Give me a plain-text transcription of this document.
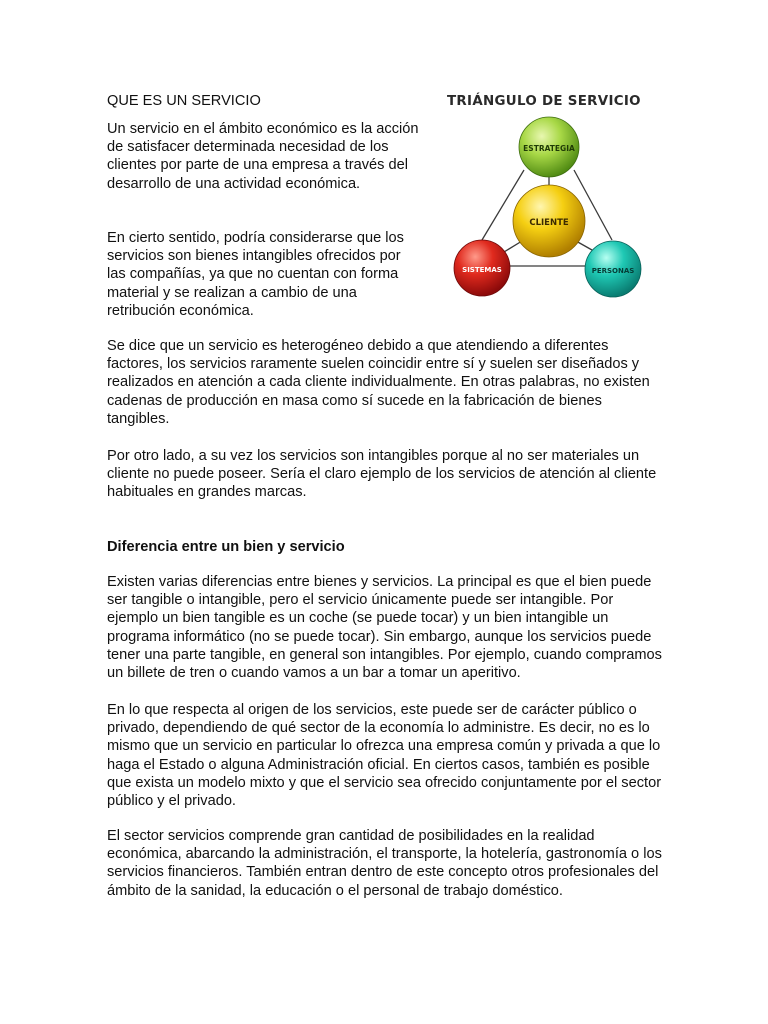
QUE ES UN SERVICIO

Un servicio en el ámbito económico es la acción de satisfacer determinada necesidad de los clientes por parte de una empresa a través del desarrollo de una actividad económica.

En cierto sentido, podría considerarse que los servicios son bienes intangibles ofrecidos por las compañías, ya que no cuentan con forma material y se realizan a cambio de una retribución económica.

ESTRATEGIA
CLIENTE
SISTEMAS	PERSONAS

TRIÁNGULO DE SERVICIO

Se dice que un servicio es heterogéneo debido a que atendiendo a diferentes factores, los servicios raramente suelen coincidir entre sí y suelen ser diseñados y realizados en atención a cada cliente individualmente. En otras palabras, no existen cadenas de producción en masa como sí sucede en la fabricación de bienes tangibles.

Por otro lado, a su vez los servicios son intangibles porque al no ser materiales un cliente no puede poseer. Sería el claro ejemplo de los servicios de atención al cliente habituales en grandes marcas.

Diferencia entre un bien y servicio

Existen varias diferencias entre bienes y servicios. La principal es que el bien puede ser tangible o intangible, pero el servicio únicamente puede ser intangible. Por ejemplo un bien tangible es un coche (se puede tocar) y un bien intangible un programa informático (no se puede tocar). Sin embargo, aunque los servicios puede tener una parte tangible, en general son intangibles. Por ejemplo, cuando compramos un billete de tren o cuando vamos a un bar a tomar un aperitivo.

En lo que respecta al origen de los servicios, este puede ser de carácter público o privado, dependiendo de qué sector de la economía lo administre. Es decir, no es lo mismo que un servicio en particular lo ofrezca una empresa común y privada a que lo haga el Estado o alguna Administración oficial. En ciertos casos, también es posible que exista un modelo mixto y que el servicio sea ofrecido conjuntamente por el sector público y el privado.

El sector servicios comprende gran cantidad de posibilidades en la realidad económica, abarcando la administración, el transporte, la hotelería, gastronomía o los servicios financieros. También entran dentro de este concepto otros profesionales del ámbito de la sanidad, la educación o el personal de trabajo doméstico.
